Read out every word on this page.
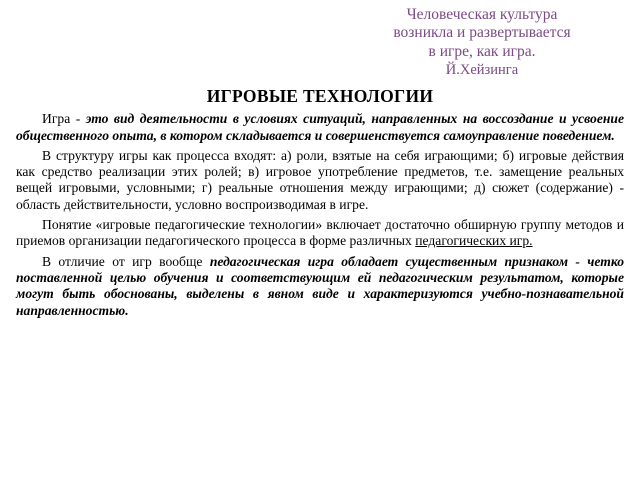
Человеческая культура
возникла и развертывается
в игре, как игра.
Й.Хейзинга
ИГРОВЫЕ ТЕХНОЛОГИИ

Игра - это вид деятельности в условиях ситуаций, направленных на воссоздание и усвоение общественного опыта, в котором складывается и совершенствуется самоуправление поведением.

В структуру игры как процесса входят: а) роли, взятые на себя играющими; б) игровые действия как средство реализации этих ролей; в) игровое употребление предметов, т.е. замещение реальных вещей игровыми, условными; г) реальные отношения между играющими; д) сюжет (содержание) - область действительности, условно воспроизводимая в игре.

Понятие «игровые педагогические технологии» включает достаточно обширную группу методов и приемов организации педагогического процесса в форме различных педагогических игр.

В отличие от игр вообще педагогическая игра обладает существенным признаком - четко поставленной целью обучения и соответствующим ей педагогическим результатом, которые могут быть обоснованы, выделены в явном виде и характеризуются учебно-познавательной направленностью.
